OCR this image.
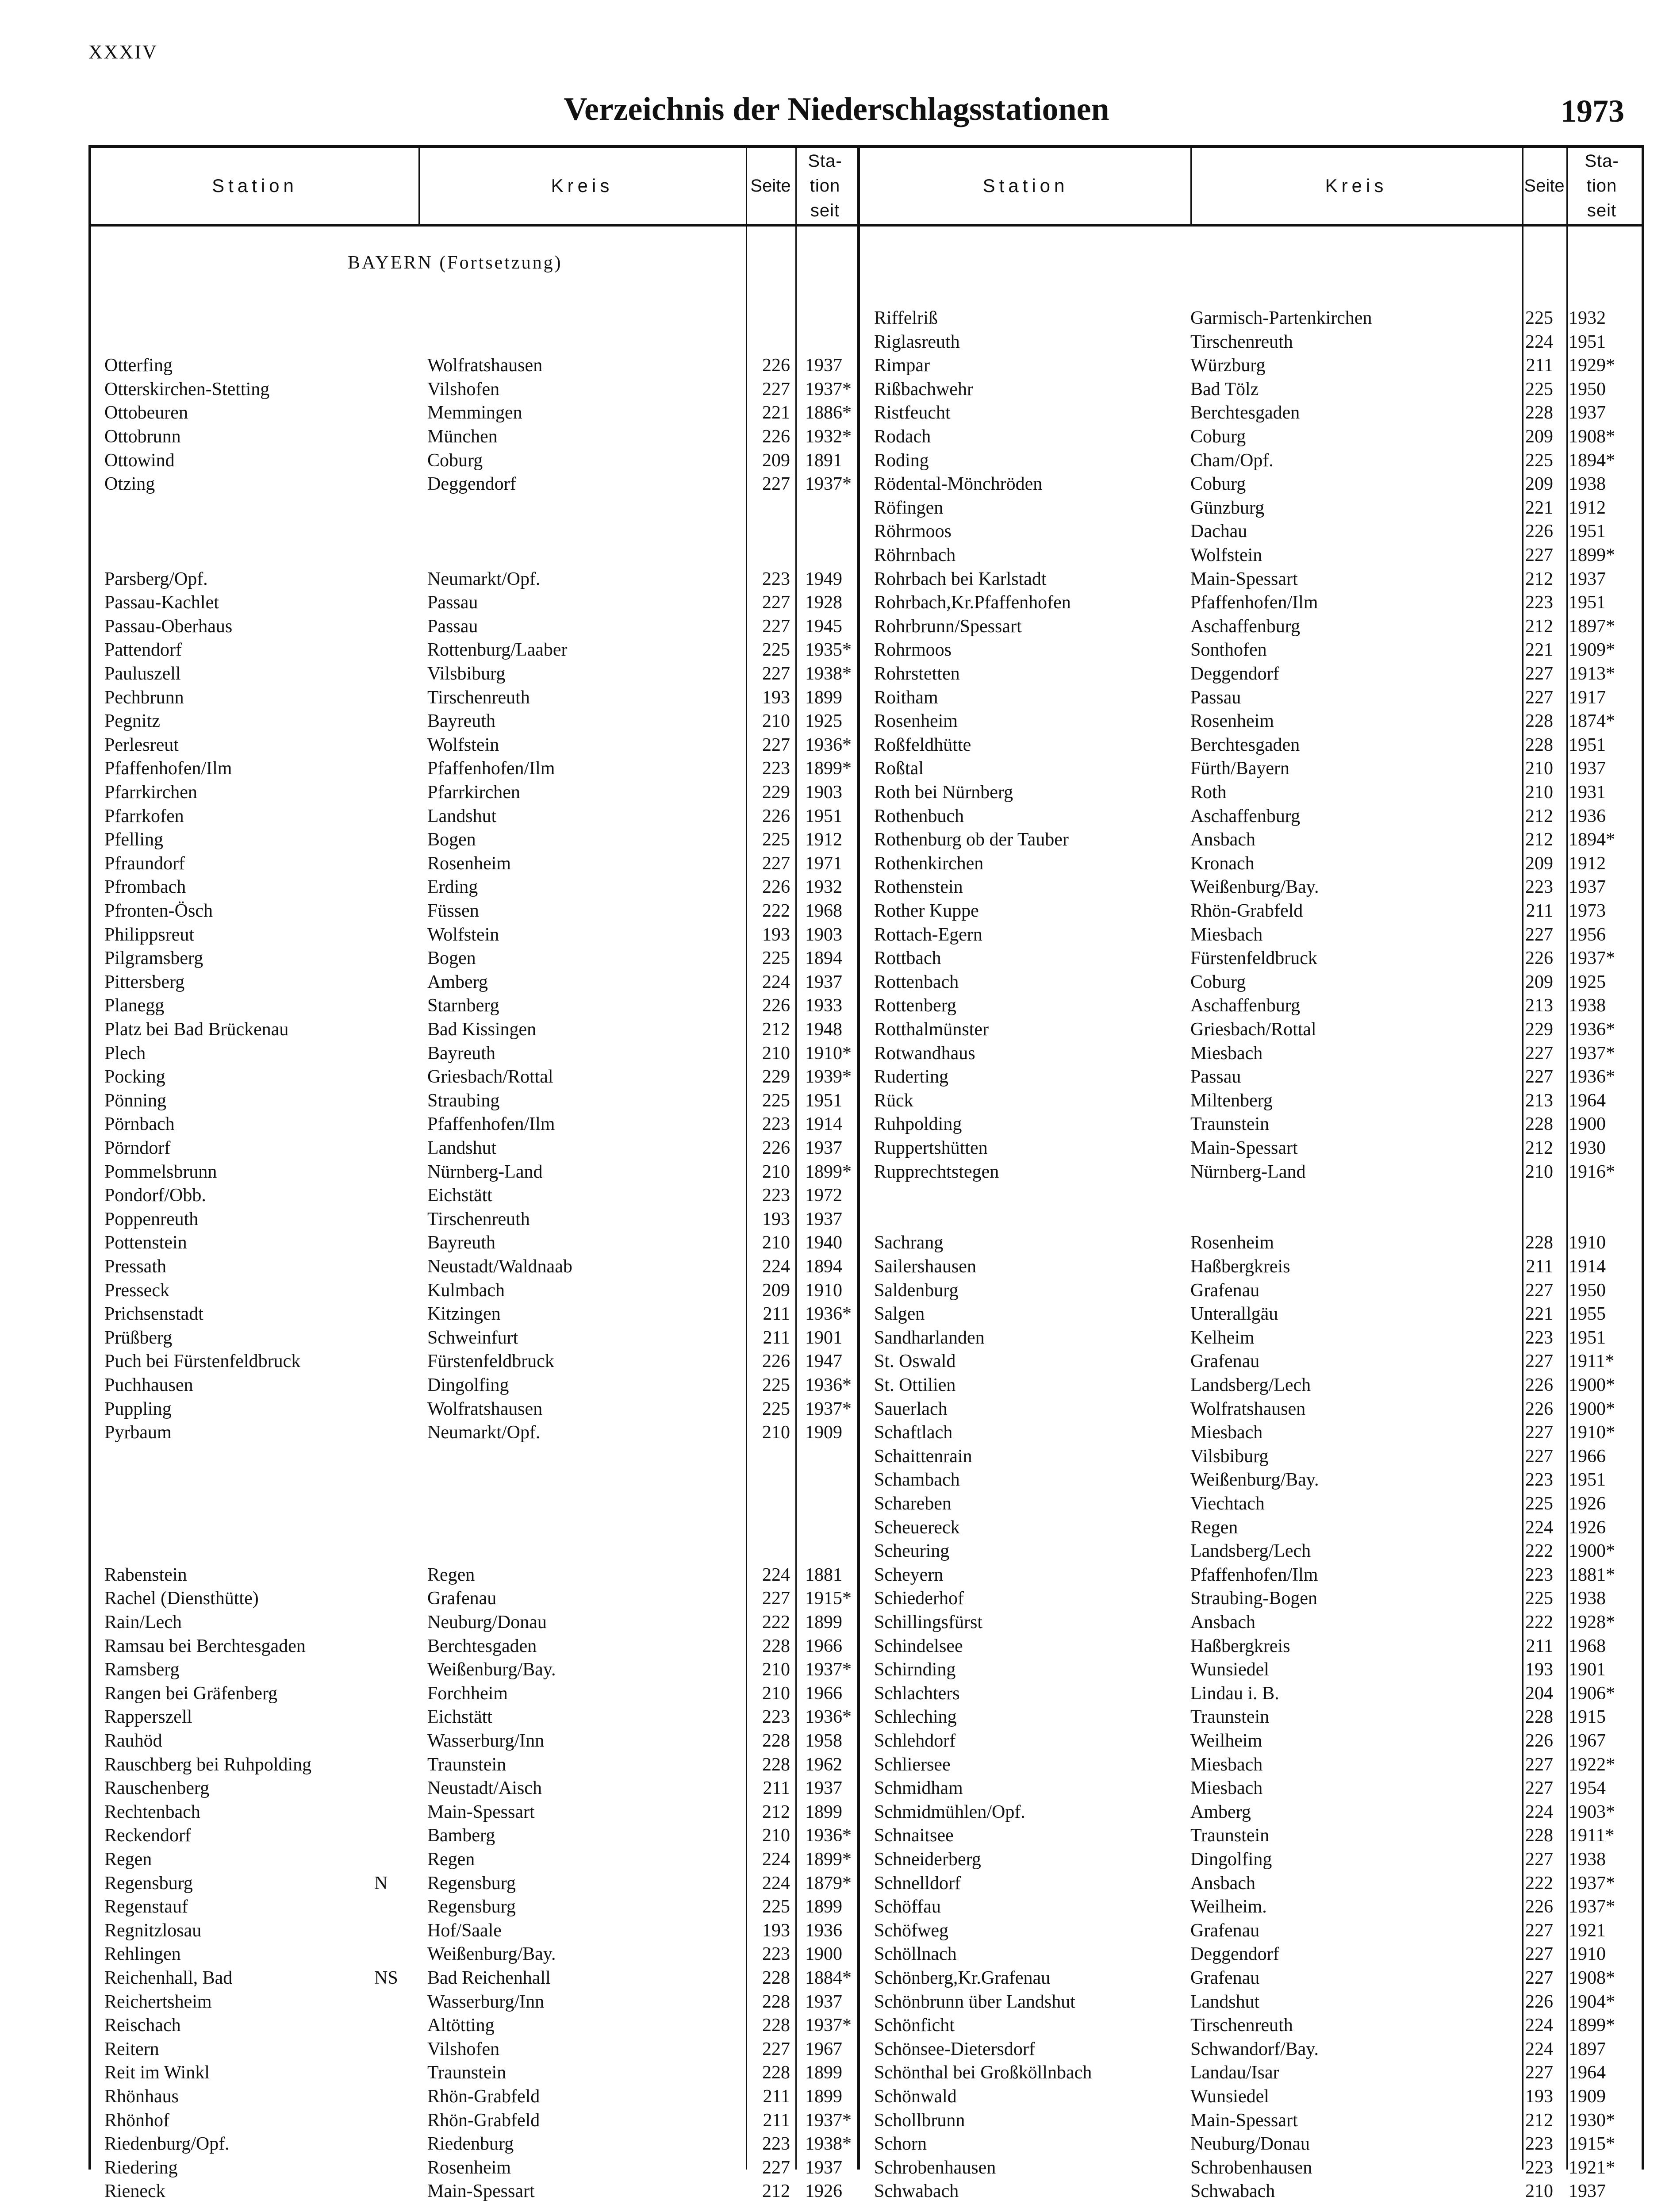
XXXIV
Verzeichnis der Niederschlagsstationen	1973
Station	Kreis	Seite
Sta-
tion
seit
Station	Kreis	Seite
Sta-
tion
seit
BAYERN (Fortsetzung)
Otterfing	Wolfratshausen	226 1937
Otterskirchen-Stetting	Vilshofen	227 1937*
Ottobeuren	Memmingen	221 1886*
Ottobrunn	München	226 1932*
Ottowind	Coburg	209 1891
Otzing	Deggendorf	227 1937*
Parsberg/Opf.	Neumarkt/Opf.	223 1949
Passau-Kachlet	Passau	227 1928
Passau-Oberhaus	Passau	227 1945
Pattendorf	Rottenburg/Laaber	225 1935*
Pauluszell	Vilsbiburg	227 1938*
Pechbrunn	Tirschenreuth	193 1899
Pegnitz	Bayreuth	210 1925
Perlesreut	Wolfstein	227 1936*
Pfaffenhofen/Ilm	Pfaffenhofen/Ilm	223 1899*
Pfarrkirchen	Pfarrkirchen	229 1903
Pfarrkofen	Landshut	226 1951
Pfelling	Bogen	225 1912
Pfraundorf	Rosenheim	227 1971
Pfrombach	Erding	226 1932
Pfronten-Ösch	Füssen	222 1968
Philippsreut	Wolfstein	193 1903
Pilgramsberg	Bogen	225 1894
Pittersberg	Amberg	224 1937
Planegg	Starnberg	226 1933
Platz bei Bad Brückenau	Bad Kissingen	212 1948
Plech	Bayreuth	210 1910*
Pocking	Griesbach/Rottal	229 1939*
Pönning	Straubing	225 1951
Pörnbach	Pfaffenhofen/Ilm	223 1914
Pörndorf	Landshut	226 1937
Pommelsbrunn	Nürnberg-Land	210 1899*
Pondorf/Obb.	Eichstätt	223 1972
Poppenreuth	Tirschenreuth	193 1937
Pottenstein	Bayreuth	210 1940
Pressath	Neustadt/Waldnaab	224 1894
Presseck	Kulmbach	209 1910
Prichsenstadt	Kitzingen	211 1936*
Prüßberg	Schweinfurt	211 1901
Puch bei Fürstenfeldbruck	Fürstenfeldbruck	226 1947
Puchhausen	Dingolfing	225 1936*
Puppling	Wolfratshausen	225 1937*
Pyrbaum	Neumarkt/Opf.	210 1909
Rabenstein	Regen	224 1881
Rachel (Diensthütte)	Grafenau	227 1915*
Rain/Lech	Neuburg/Donau	222 1899
Ramsau bei Berchtesgaden	Berchtesgaden	228 1966
Ramsberg	Weißenburg/Bay.	210 1937*
Rangen bei Gräfenberg	Forchheim	210 1966
Rapperszell	Eichstätt	223 1936*
Rauhöd	Wasserburg/Inn	228 1958
Rauschberg bei Ruhpolding	Traunstein	228 1962
Rauschenberg	Neustadt/Aisch	211 1937
Rechtenbach	Main-Spessart	212 1899
Reckendorf	Bamberg	210 1936*
Regen	Regen	224 1899*
Regensburg	N Regensburg	224 1879*
Regenstauf	Regensburg	225 1899
Regnitzlosau	Hof/Saale	193 1936
Rehlingen	Weißenburg/Bay.	223 1900
Reichenhall, Bad	NS Bad Reichenhall	228 1884*
Reichertsheim	Wasserburg/Inn	228 1937
Reischach	Altötting	228 1937*
Reitern	Vilshofen	227 1967
Reit im Winkl	Traunstein	228 1899
Rhönhaus	Rhön-Grabfeld	211 1899
Rhönhof	Rhön-Grabfeld	211 1937*
Riedenburg/Opf.	Riedenburg	223 1938*
Riedering	Rosenheim	227 1937
Rieneck	Main-Spessart	212 1926
Riffelriß	Garmisch-Partenkirchen	225 1932
Riglasreuth	Tirschenreuth	224 1951
Rimpar	Würzburg	211 1929*
Rißbachwehr	Bad Tölz	225 1950
Ristfeucht	Berchtesgaden	228 1937
Rodach	Coburg	209 1908*
Roding	Cham/Opf.	225 1894*
Rödental-Mönchröden	Coburg	209 1938
Röfingen	Günzburg	221 1912
Röhrmoos	Dachau	226 1951
Röhrnbach	Wolfstein	227 1899*
Rohrbach bei Karlstadt	Main-Spessart	212 1937
Rohrbach,Kr.Pfaffenhofen	Pfaffenhofen/Ilm	223 1951
Rohrbrunn/Spessart	Aschaffenburg	212 1897*
Rohrmoos	Sonthofen	221 1909*
Rohrstetten	Deggendorf	227 1913*
Roitham	Passau	227 1917
Rosenheim	Rosenheim	228 1874*
Roßfeldhütte	Berchtesgaden	228 1951
Roßtal	Fürth/Bayern	210 1937
Roth bei Nürnberg	Roth	210 1931
Rothenbuch	Aschaffenburg	212 1936
Rothenburg ob der Tauber	Ansbach	212 1894*
Rothenkirchen	Kronach	209 1912
Rothenstein	Weißenburg/Bay.	223 1937
Rother Kuppe	Rhön-Grabfeld	211 1973
Rottach-Egern	Miesbach	227 1956
Rottbach	Fürstenfeldbruck	226 1937*
Rottenbach	Coburg	209 1925
Rottenberg	Aschaffenburg	213 1938
Rotthalmünster	Griesbach/Rottal	229 1936*
Rotwandhaus	Miesbach	227 1937*
Ruderting	Passau	227 1936*
Rück	Miltenberg	213 1964
Ruhpolding	Traunstein	228 1900
Ruppertshütten	Main-Spessart	212 1930
Rupprechtstegen	Nürnberg-Land	210 1916*
Sachrang	Rosenheim	228 1910
Sailershausen	Haßbergkreis	211 1914
Saldenburg	Grafenau	227 1950
Salgen	Unterallgäu	221 1955
Sandharlanden	Kelheim	223 1951
St. Oswald	Grafenau	227 1911*
St. Ottilien	Landsberg/Lech	226 1900*
Sauerlach	Wolfratshausen	226 1900*
Schaftlach	Miesbach	227 1910*
Schaittenrain	Vilsbiburg	227 1966
Schambach	Weißenburg/Bay.	223 1951
Schareben	Viechtach	225 1926
Scheuereck	Regen	224 1926
Scheuring	Landsberg/Lech	222 1900*
Scheyern	Pfaffenhofen/Ilm	223 1881*
Schiederhof	Straubing-Bogen	225 1938
Schillingsfürst	Ansbach	222 1928*
Schindelsee	Haßbergkreis	211 1968
Schirnding	Wunsiedel	193 1901
Schlachters	Lindau i. B.	204 1906*
Schleching	Traunstein	228 1915
Schlehdorf	Weilheim	226 1967
Schliersee	Miesbach	227 1922*
Schmidham	Miesbach	227 1954
Schmidmühlen/Opf.	Amberg	224 1903*
Schnaitsee	Traunstein	228 1911*
Schneiderberg	Dingolfing	227 1938
Schnelldorf	Ansbach	222 1937*
Schöffau	Weilheim.	226 1937*
Schöfweg	Grafenau	227 1921
Schöllnach	Deggendorf	227 1910
Schönberg,Kr.Grafenau	Grafenau	227 1908*
Schönbrunn über Landshut	Landshut	226 1904*
Schönficht	Tirschenreuth	224 1899*
Schönsee-Dietersdorf	Schwandorf/Bay.	224 1897
Schönthal bei Großköllnbach	Landau/Isar	227 1964
Schönwald	Wunsiedel	193 1909
Schollbrunn	Main-Spessart	212 1930*
Schorn	Neuburg/Donau	223 1915*
Schrobenhausen	Schrobenhausen	223 1921*
Schwabach	Schwabach	210 1937
